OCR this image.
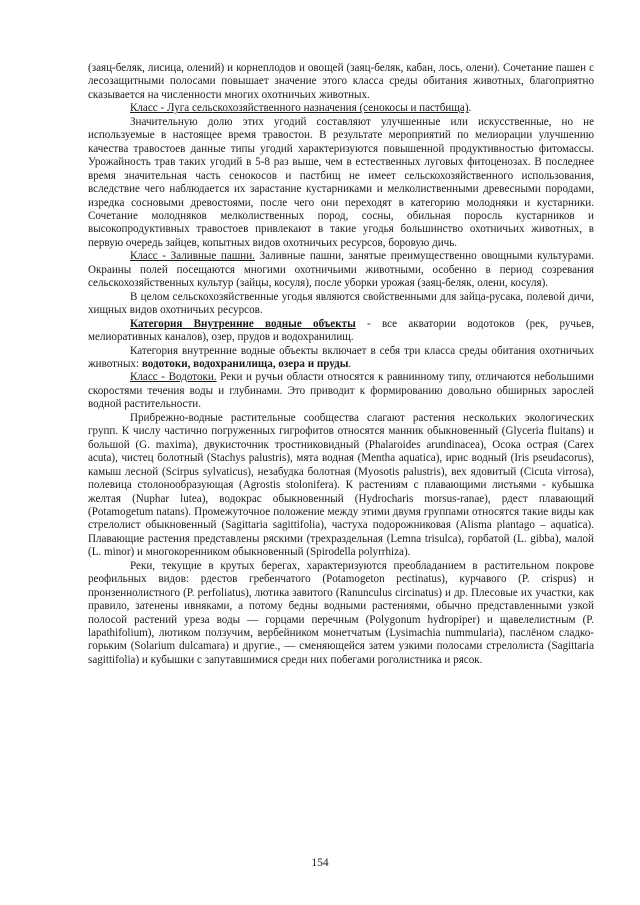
(заяц-беляк, лисица, олений) и корнеплодов и овощей (заяц-беляк, кабан, лось, олени). Сочетание пашен с лесозащитными полосами повышает значение этого класса среды обитания животных, благоприятно сказывается на численности многих охотничьих животных.

Класс - Луга сельскохозяйственного назначения (сенокосы и пастбища).

Значительную долю этих угодий составляют улучшенные или искусственные, но не используемые в настоящее время травостои. В результате мероприятий по мелиорации улучшению качества травостоев данные типы угодий характеризуются повышенной продуктивностью фитомассы. Урожайность трав таких угодий в 5-8 раз выше, чем в естественных луговых фитоценозах. В последнее время значительная часть сенокосов и пастбищ не имеет сельскохозяйственного использования, вследствие чего наблюдается их зарастание кустарниками и мелколиственными древесными породами, изредка сосновыми древостоями, после чего они переходят в категорию молодняки и кустарники. Сочетание молодняков мелколиственных пород, сосны, обильная поросль кустарников и высокопродуктивных травостоев привлекают в такие угодья большинство охотничьих животных, в первую очередь зайцев, копытных видов охотничьих ресурсов, боровую дичь.

Класс - Заливные пашни. Заливные пашни, занятые преимущественно овощными культурами. Окраины полей посещаются многими охотничьими животными, особенно в период созревания сельскохозяйственных культур (зайцы, косуля), после уборки урожая (заяц-беляк, олени, косуля).

В целом сельскохозяйственные угодья являются свойственными для зайца-русака, полевой дичи, хищных видов охотничьих ресурсов.

Категория Внутренние водные объекты - все акватории водотоков (рек, ручьев, мелиоративных каналов), озер, прудов и водохранилищ.

Категория внутренние водные объекты включает в себя три класса среды обитания охотничьих животных: водотоки, водохранилища, озера и пруды.

Класс - Водотоки. Реки и ручьи области относятся к равнинному типу, отличаются небольшими скоростями течения воды и глубинами. Это приводит к формированию довольно обширных зарослей водной растительности.

Прибрежно-водные растительные сообщества слагают растения нескольких экологических групп. К числу частично погруженных гигрофитов относятся манник обыкновенный (Glyceria fluitans) и большой (G. maxima), двукисточник тростниковидный (Phalaroides arundinacea), Осока острая (Carex acuta), чистец болотный (Stachys palustris), мята водная (Mentha aquatica), ирис водный (Iris pseudacorus), камыш лесной (Scirpus sylvaticus), незабудка болотная (Myosotis palustris), вех ядовитый (Cicuta virrosa), полевица столонообразующая (Agrostis stolonifera). К растениям с плавающими листьями - кубышка желтая (Nuphar lutea), водокрас обыкновенный (Hydrocharis morsus-ranae), рдест плавающий (Potamogetum natans). Промежуточное положение между этими двумя группами относятся такие виды как стрелолист обыкновенный (Sagittaria sagittifolia), частуха подорожниковая (Alisma plantago – aquatica). Плавающие растения представлены ряскими (трехраздельная (Lemna trisulca), горбатой (L. gibba), малой (L. minor) и многокоренником обыкновенный (Spirodella polyrrhiza).

Реки, текущие в крутых берегах, характеризуются преобладанием в растительном покрове реофильных видов: рдестов гребенчатого (Potamogeton pectinatus), курчавого (P. crispus) и пронзеннолистного (P. perfoliatus), лютика завитого (Ranunculus circinatus) и др. Плесовые их участки, как правило, затенены ивняками, а потому бедны водными растениями, обычно представленными узкой полосой растений уреза воды — горцами перечным (Polygonum hydropiper) и щавелелистным (P. lapathifolium), лютиком ползучим, вербейником монетчатым (Lysimachia nummularia), паслёном сладко-горьким (Solarium dulcamara) и другие., — сменяющейся затем узкими полосами стрелолиста (Sagittaria sagittifolia) и кубышки с запутавшимися среди них побегами роголистника и рясок.

154
